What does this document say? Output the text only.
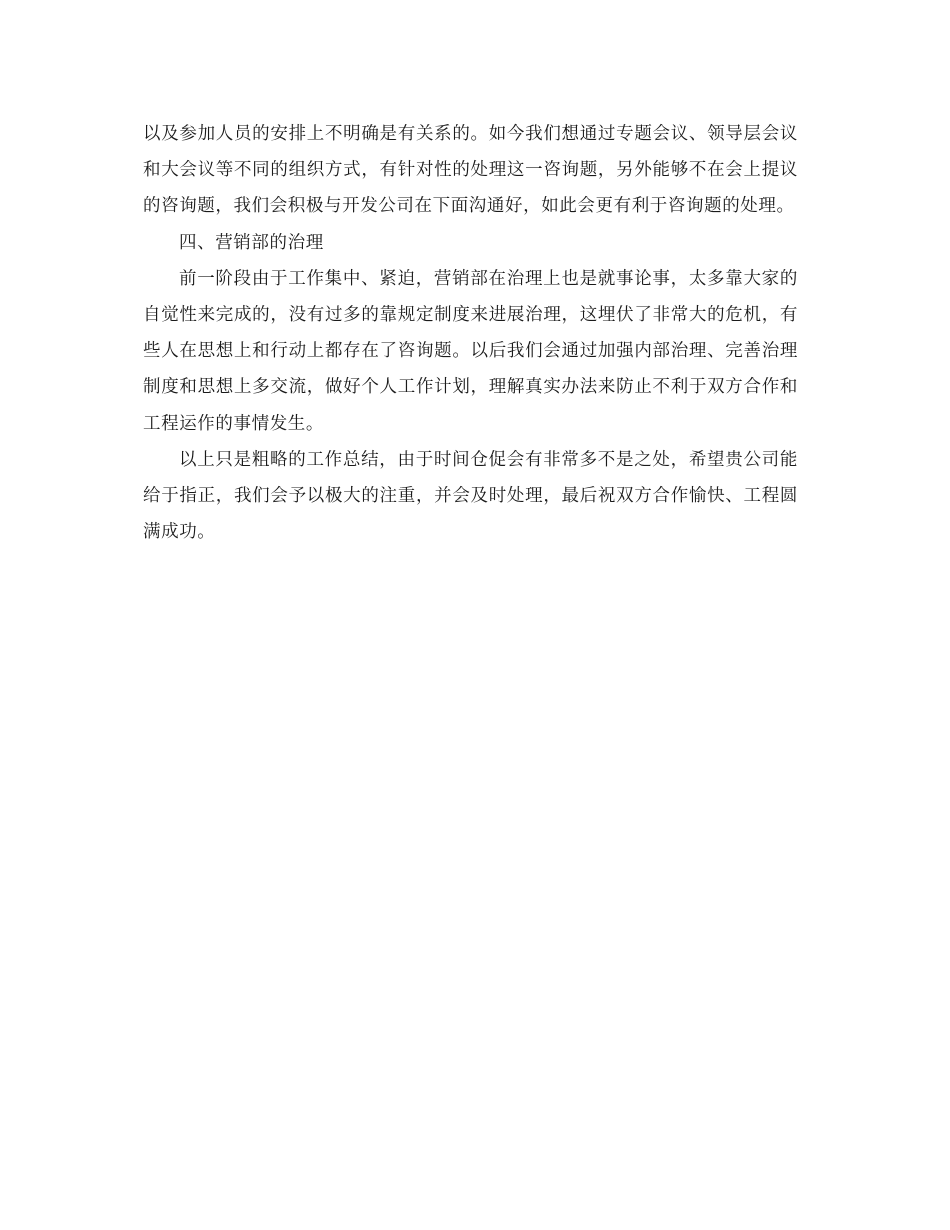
以及参加人员的安排上不明确是有关系的。如今我们想通过专题会议、领导层会议和大会议等不同的组织方式，有针对性的处理这一咨询题，另外能够不在会上提议的咨询题，我们会积极与开发公司在下面沟通好，如此会更有利于咨询题的处理。

四、营销部的治理

前一阶段由于工作集中、紧迫，营销部在治理上也是就事论事，太多靠大家的自觉性来完成的，没有过多的靠规定制度来进展治理，这埋伏了非常大的危机，有些人在思想上和行动上都存在了咨询题。以后我们会通过加强内部治理、完善治理制度和思想上多交流，做好个人工作计划，理解真实办法来防止不利于双方合作和工程运作的事情发生。

以上只是粗略的工作总结，由于时间仓促会有非常多不是之处，希望贵公司能给于指正，我们会予以极大的注重，并会及时处理，最后祝双方合作愉快、工程圆满成功。
